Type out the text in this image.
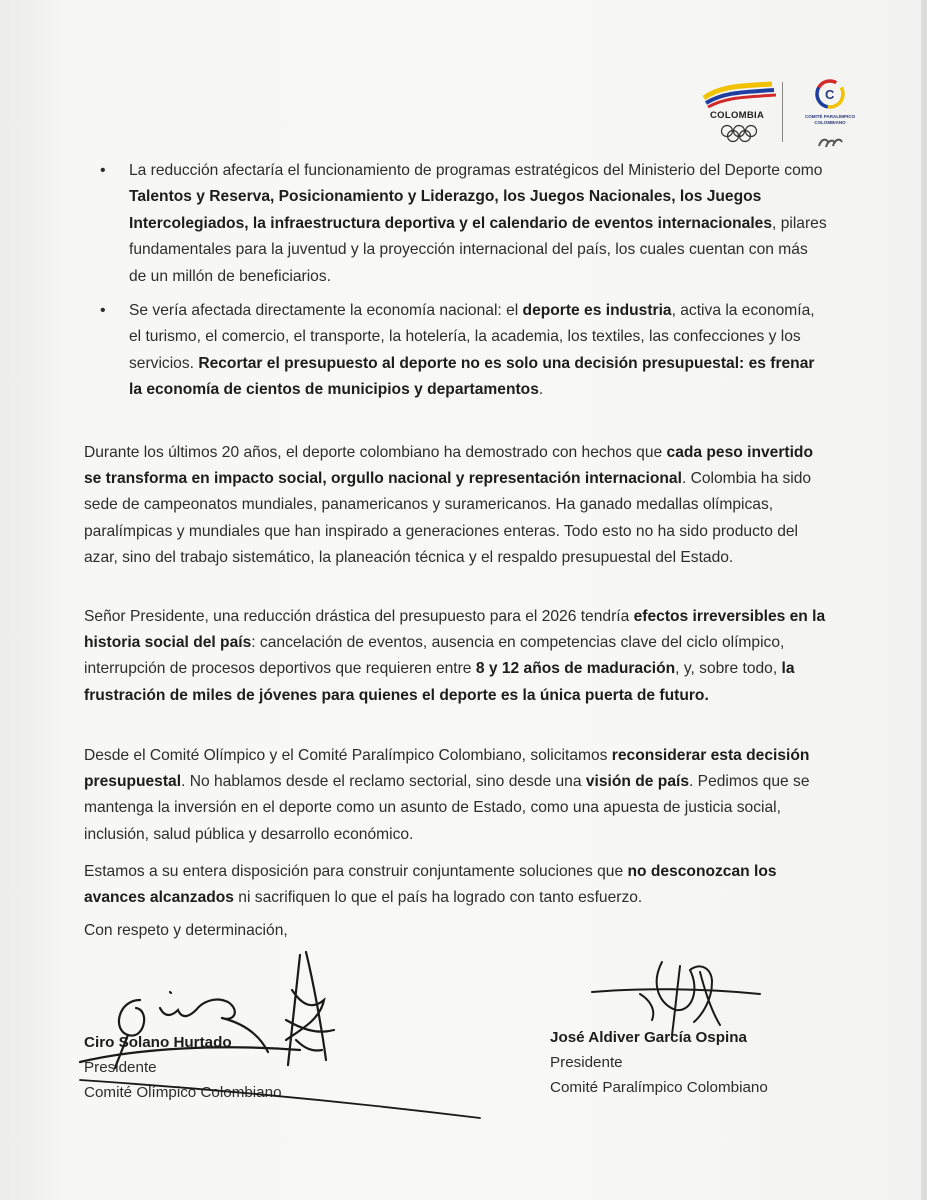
COLOMBIA
C
COMITÉ PARALÍMPICO COLOMBIANO
• La reducción afectaría el funcionamiento de programas estratégicos del Ministerio del Deporte como Talentos y Reserva, Posicionamiento y Liderazgo, los Juegos Nacionales, los Juegos Intercolegiados, la infraestructura deportiva y el calendario de eventos internacionales, pilares fundamentales para la juventud y la proyección internacional del país, los cuales cuentan con más de un millón de beneficiarios.
• Se vería afectada directamente la economía nacional: el deporte es industria, activa la economía, el turismo, el comercio, el transporte, la hotelería, la academia, los textiles, las confecciones y los servicios. Recortar el presupuesto al deporte no es solo una decisión presupuestal: es frenar la economía de cientos de municipios y departamentos.
Durante los últimos 20 años, el deporte colombiano ha demostrado con hechos que cada peso invertido se transforma en impacto social, orgullo nacional y representación internacional. Colombia ha sido sede de campeonatos mundiales, panamericanos y suramericanos. Ha ganado medallas olímpicas, paralímpicas y mundiales que han inspirado a generaciones enteras. Todo esto no ha sido producto del azar, sino del trabajo sistemático, la planeación técnica y el respaldo presupuestal del Estado.
Señor Presidente, una reducción drástica del presupuesto para el 2026 tendría efectos irreversibles en la historia social del país: cancelación de eventos, ausencia en competencias clave del ciclo olímpico, interrupción de procesos deportivos que requieren entre 8 y 12 años de maduración, y, sobre todo, la frustración de miles de jóvenes para quienes el deporte es la única puerta de futuro.
Desde el Comité Olímpico y el Comité Paralímpico Colombiano, solicitamos reconsiderar esta decisión presupuestal. No hablamos desde el reclamo sectorial, sino desde una visión de país. Pedimos que se mantenga la inversión en el deporte como un asunto de Estado, como una apuesta de justicia social, inclusión, salud pública y desarrollo económico.
Estamos a su entera disposición para construir conjuntamente soluciones que no desconozcan los avances alcanzados ni sacrifiquen lo que el país ha logrado con tanto esfuerzo.
Con respeto y determinación,
Ciro Solano Hurtado
Presidente
Comité Olímpico Colombiano
José Aldiver García Ospina
Presidente
Comité Paralímpico Colombiano
